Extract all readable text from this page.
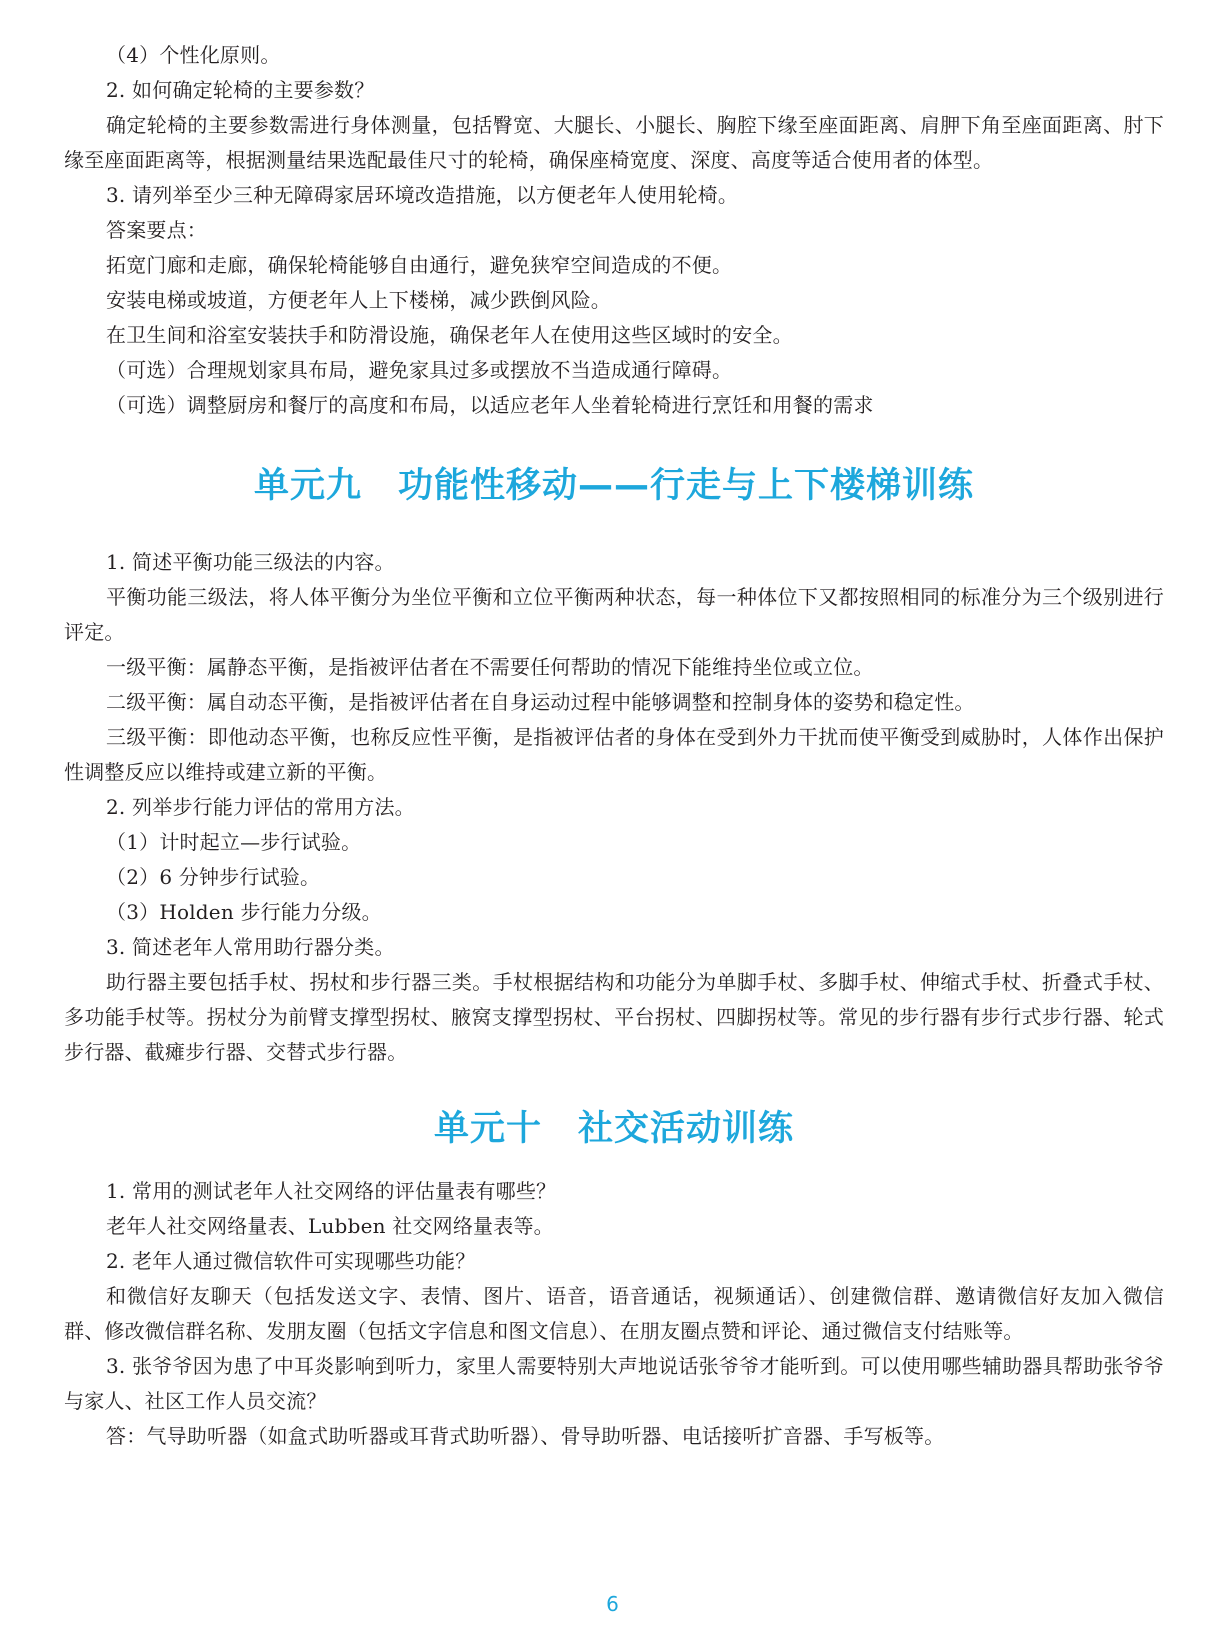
（4）个性化原则。

2. 如何确定轮椅的主要参数？

确定轮椅的主要参数需进行身体测量，包括臀宽、大腿长、小腿长、胸腔下缘至座面距离、肩胛下角至座面距离、肘下缘至座面距离等，根据测量结果选配最佳尺寸的轮椅，确保座椅宽度、深度、高度等适合使用者的体型。

3. 请列举至少三种无障碍家居环境改造措施，以方便老年人使用轮椅。

答案要点：

拓宽门廊和走廊，确保轮椅能够自由通行，避免狭窄空间造成的不便。

安装电梯或坡道，方便老年人上下楼梯，减少跌倒风险。

在卫生间和浴室安装扶手和防滑设施，确保老年人在使用这些区域时的安全。

（可选）合理规划家具布局，避免家具过多或摆放不当造成通行障碍。

（可选）调整厨房和餐厅的高度和布局，以适应老年人坐着轮椅进行烹饪和用餐的需求

单元九　功能性移动——行走与上下楼梯训练

1. 简述平衡功能三级法的内容。

平衡功能三级法，将人体平衡分为坐位平衡和立位平衡两种状态，每一种体位下又都按照相同的标准分为三个级别进行评定。

一级平衡：属静态平衡，是指被评估者在不需要任何帮助的情况下能维持坐位或立位。

二级平衡：属自动态平衡，是指被评估者在自身运动过程中能够调整和控制身体的姿势和稳定性。

三级平衡：即他动态平衡，也称反应性平衡，是指被评估者的身体在受到外力干扰而使平衡受到威胁时，人体作出保护性调整反应以维持或建立新的平衡。

2. 列举步行能力评估的常用方法。

（1）计时起立—步行试验。

（2）6 分钟步行试验。

（3）Holden 步行能力分级。

3. 简述老年人常用助行器分类。

助行器主要包括手杖、拐杖和步行器三类。手杖根据结构和功能分为单脚手杖、多脚手杖、伸缩式手杖、折叠式手杖、多功能手杖等。拐杖分为前臂支撑型拐杖、腋窝支撑型拐杖、平台拐杖、四脚拐杖等。常见的步行器有步行式步行器、轮式步行器、截瘫步行器、交替式步行器。

单元十　社交活动训练

1. 常用的测试老年人社交网络的评估量表有哪些？

老年人社交网络量表、Lubben 社交网络量表等。

2. 老年人通过微信软件可实现哪些功能？

和微信好友聊天（包括发送文字、表情、图片、语音，语音通话，视频通话）、创建微信群、邀请微信好友加入微信群、修改微信群名称、发朋友圈（包括文字信息和图文信息）、在朋友圈点赞和评论、通过微信支付结账等。

3. 张爷爷因为患了中耳炎影响到听力，家里人需要特别大声地说话张爷爷才能听到。可以使用哪些辅助器具帮助张爷爷与家人、社区工作人员交流？

答：气导助听器（如盒式助听器或耳背式助听器）、骨导助听器、电话接听扩音器、手写板等。

6
